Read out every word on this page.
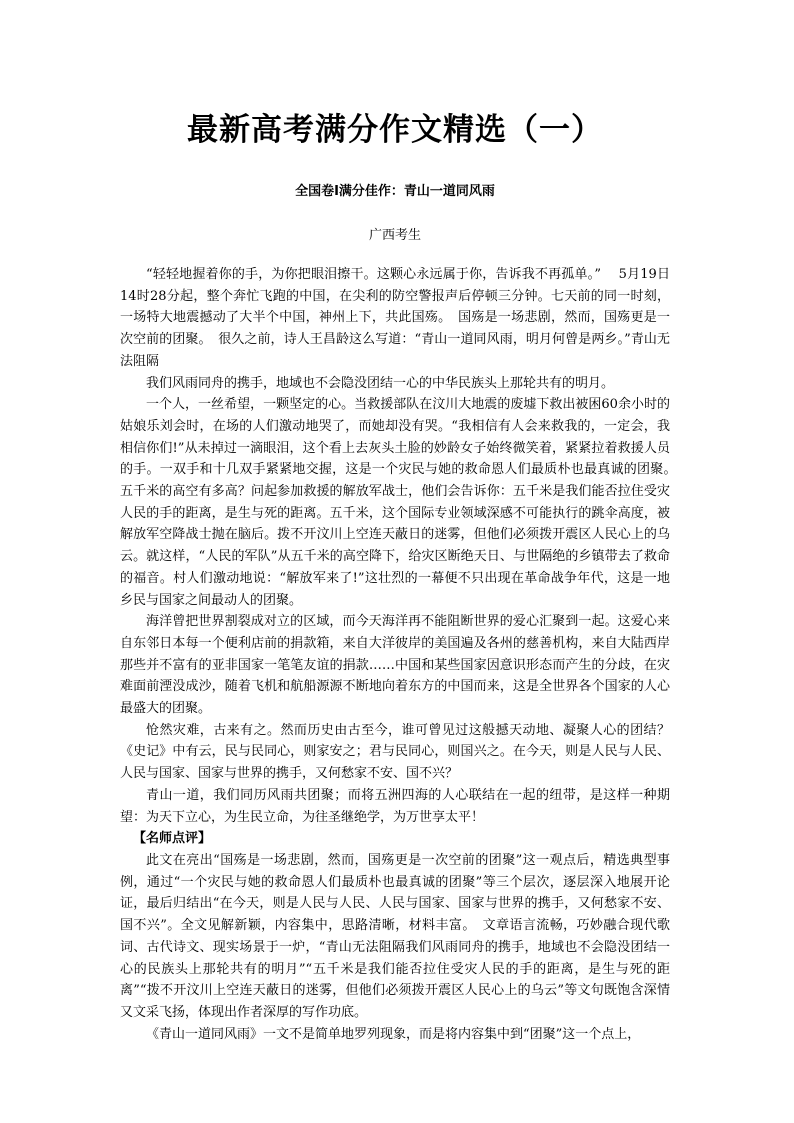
最新高考满分作文精选（一）
全国卷Ⅰ满分佳作：青山一道同风雨
广西考生

“轻轻地握着你的手，为你把眼泪擦干。这颗心永远属于你，告诉我不再孤单。”　 5月19日14时28分起，整个奔忙飞跑的中国，在尖利的防空警报声后停顿三分钟。七天前的同一时刻，一场特大地震撼动了大半个中国，神州上下，共此国殇。　国殇是一场悲剧，然而，国殇更是一次空前的团聚。　很久之前，诗人王昌龄这么写道：“青山一道同风雨，明月何曾是两乡。”青山无法阻隔

我们风雨同舟的携手，地域也不会隐没团结一心的中华民族头上那轮共有的明月。

一个人，一丝希望，一颗坚定的心。当救援部队在汶川大地震的废墟下救出被困60余小时的姑娘乐刘会时，在场的人们激动地哭了，而她却没有哭。“我相信有人会来救我的，一定会，我相信你们!”从未掉过一滴眼泪，这个看上去灰头土脸的妙龄女子始终微笑着，紧紧拉着救援人员的手。一双手和十几双手紧紧地交握，这是一个灾民与她的救命恩人们最质朴也最真诚的团聚。　五千米的高空有多高？问起参加救援的解放军战士，他们会告诉你：五千米是我们能否拉住受灾人民的手的距离，是生与死的距离。五千米，这个国际专业领域深感不可能执行的跳伞高度，被解放军空降战士抛在脑后。拨不开汶川上空连天蔽日的迷雾，但他们必须拨开震区人民心上的乌云。就这样，“人民的军队”从五千米的高空降下，给灾区断绝天日、与世隔绝的乡镇带去了救命的福音。村人们激动地说：“解放军来了!”这壮烈的一幕便不只出现在革命战争年代，这是一地乡民与国家之间最动人的团聚。

海洋曾把世界割裂成对立的区域，而今天海洋再不能阻断世界的爱心汇聚到一起。这爱心来自东邻日本每一个便利店前的捐款箱，来自大洋彼岸的美国遍及各州的慈善机构，来自大陆西岸那些并不富有的亚非国家一笔笔友谊的捐款……中国和某些国家因意识形态而产生的分歧，在灾难面前湮没成沙，随着飞机和航船源源不断地向着东方的中国而来，这是全世界各个国家的人心最盛大的团聚。

怆然灾难，古来有之。然而历史由古至今，谁可曾见过这般撼天动地、凝聚人心的团结？《史记》中有云，民与民同心，则家安之；君与民同心，则国兴之。在今天，则是人民与人民、人民与国家、国家与世界的携手，又何愁家不安、国不兴？

青山一道，我们同历风雨共团聚；而将五洲四海的人心联结在一起的纽带，是这样一种期望：为天下立心，为生民立命，为往圣继绝学，为万世享太平！

【名师点评】

此文在亮出“国殇是一场悲剧，然而，国殇更是一次空前的团聚”这一观点后，精选典型事例，通过“一个灾民与她的救命恩人们最质朴也最真诚的团聚”等三个层次，逐层深入地展开论证，最后归结出“在今天，则是人民与人民、人民与国家、国家与世界的携手，又何愁家不安、国不兴”。全文见解新颖，内容集中，思路清晰，材料丰富。　文章语言流畅，巧妙融合现代歌词、古代诗文、现实场景于一炉，“青山无法阻隔我们风雨同舟的携手，地域也不会隐没团结一心的民族头上那轮共有的明月”“五千米是我们能否拉住受灾人民的手的距离，是生与死的距离”“拨不开汶川上空连天蔽日的迷雾，但他们必须拨开震区人民心上的乌云”等文句既饱含深情又文采飞扬，体现出作者深厚的写作功底。

《青山一道同风雨》一文不是简单地罗列现象，而是将内容集中到“团聚”这一个点上，
